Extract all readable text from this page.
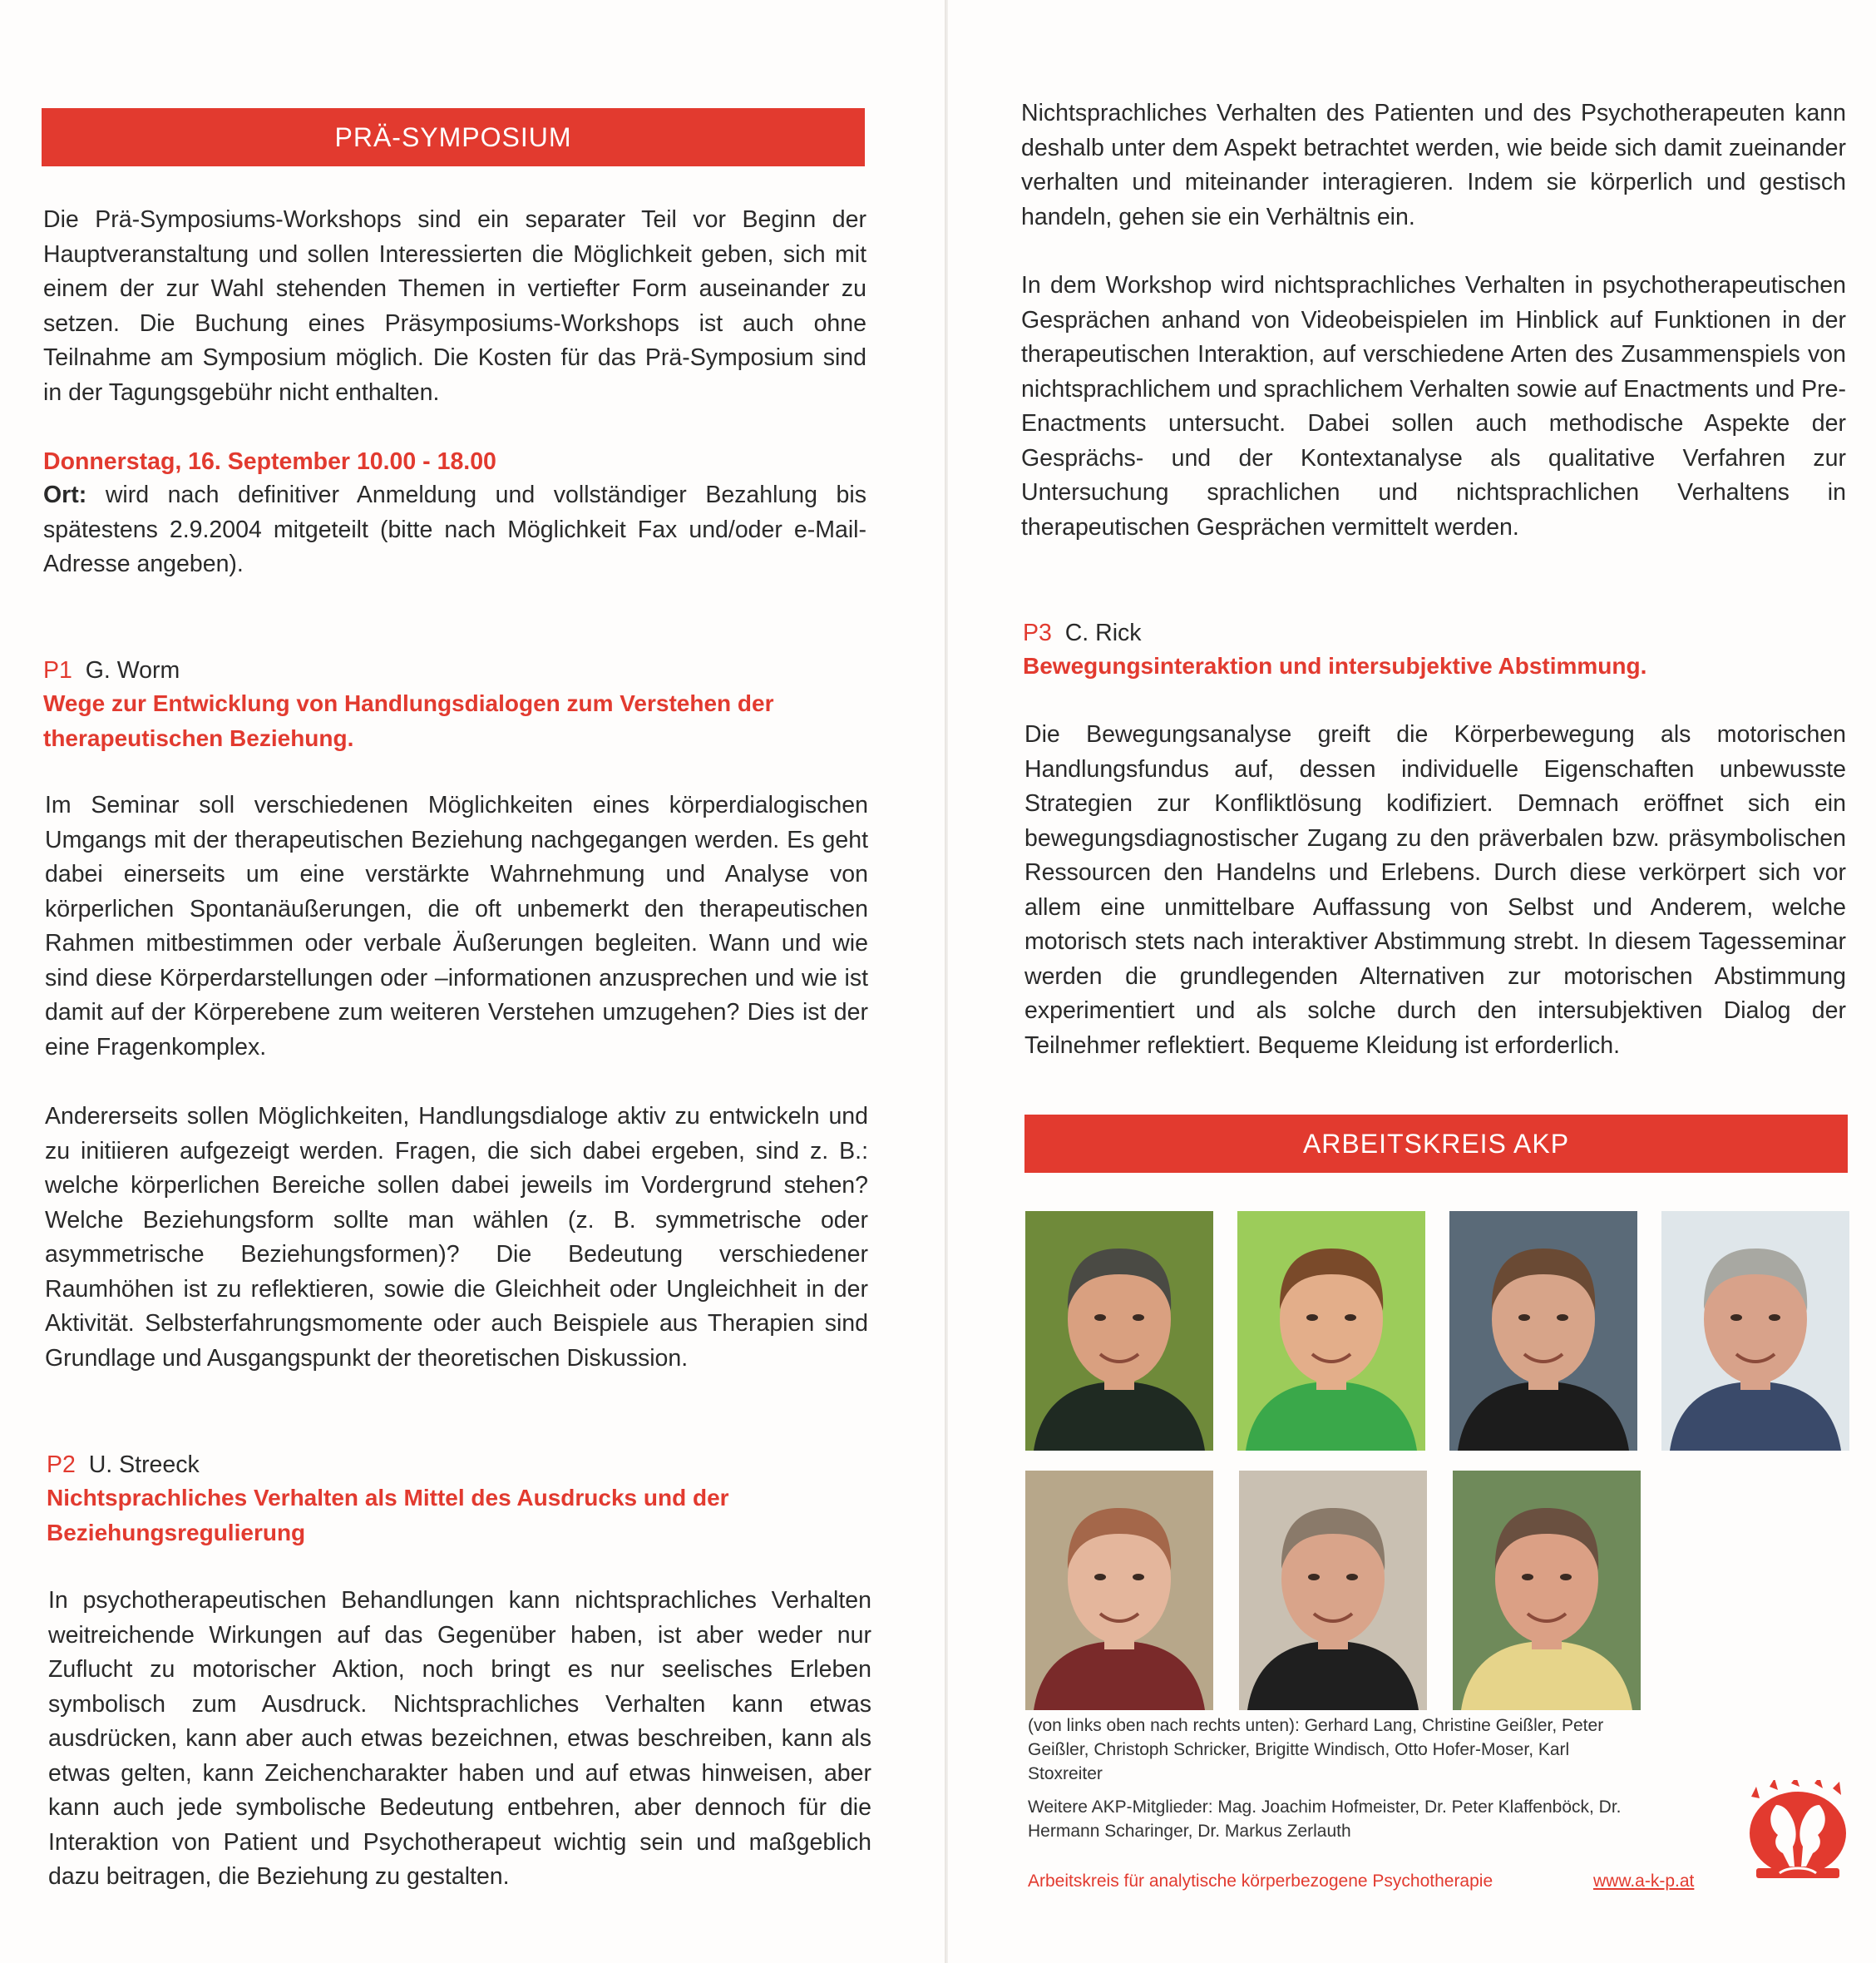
PRÄ-SYMPOSIUM

Die Prä-Symposiums-Workshops sind ein separater Teil vor Beginn der Hauptveranstaltung und sollen Interessierten die Möglichkeit geben, sich mit einem der zur Wahl stehenden Themen in vertiefter Form auseinander zu setzen. Die Buchung eines Präsymposiums-Workshops ist auch ohne Teilnahme am Symposium möglich. Die Kosten für das Prä-Symposium sind in der Tagungsgebühr nicht enthalten.

Donnerstag, 16. September 10.00 - 18.00

Ort: wird nach definitiver Anmeldung und vollständiger Bezahlung bis spätestens 2.9.2004 mitgeteilt (bitte nach Möglichkeit Fax und/oder e-Mail-Adresse angeben).

P1 G. Worm

Wege zur Entwicklung von Handlungsdialogen zum Verstehen der therapeutischen Beziehung.

Im Seminar soll verschiedenen Möglichkeiten eines körperdialogischen Umgangs mit der therapeutischen Beziehung nachgegangen werden. Es geht dabei einerseits um eine verstärkte Wahrnehmung und Analyse von körperlichen Spontanäußerungen, die oft unbemerkt den therapeutischen Rahmen mitbestimmen oder verbale Äußerungen begleiten. Wann und wie sind diese Körperdarstellungen oder –informationen anzusprechen und wie ist damit auf der Körperebene zum weiteren Verstehen umzugehen? Dies ist der eine Fragenkomplex.

Andererseits sollen Möglichkeiten, Handlungsdialoge aktiv zu entwickeln und zu initiieren aufgezeigt werden. Fragen, die sich dabei ergeben, sind z. B.: welche körperlichen Bereiche sollen dabei jeweils im Vordergrund stehen? Welche Beziehungsform sollte man wählen (z. B. symmetrische oder asymmetrische Beziehungsformen)? Die Bedeutung verschiedener Raumhöhen ist zu reflektieren, sowie die Gleichheit oder Ungleichheit in der Aktivität. Selbsterfahrungsmomente oder auch Beispiele aus Therapien sind Grundlage und Ausgangspunkt der theoretischen Diskussion.

P2 U. Streeck

Nichtsprachliches Verhalten als Mittel des Ausdrucks und der Beziehungsregulierung

In psychotherapeutischen Behandlungen kann nichtsprachliches Verhalten weitreichende Wirkungen auf das Gegenüber haben, ist aber weder nur Zuflucht zu motorischer Aktion, noch bringt es nur seelisches Erleben symbolisch zum Ausdruck. Nichtsprachliches Verhalten kann etwas ausdrücken, kann aber auch etwas bezeichnen, etwas beschreiben, kann als etwas gelten, kann Zeichencharakter haben und auf etwas hinweisen, aber kann auch jede symbolische Bedeutung entbehren, aber dennoch für die Interaktion von Patient und Psychotherapeut wichtig sein und maßgeblich dazu beitragen, die Beziehung zu gestalten.

Nichtsprachliches Verhalten des Patienten und des Psychotherapeuten kann deshalb unter dem Aspekt betrachtet werden, wie beide sich damit zueinander verhalten und miteinander interagieren. Indem sie körperlich und gestisch handeln, gehen sie ein Verhältnis ein.

In dem Workshop wird nichtsprachliches Verhalten in psychotherapeutischen Gesprächen anhand von Videobeispielen im Hinblick auf Funktionen in der therapeutischen Interaktion, auf verschiedene Arten des Zusammenspiels von nichtsprachlichem und sprachlichem Verhalten sowie auf Enactments und Pre-Enactments untersucht. Dabei sollen auch methodische Aspekte der Gesprächs- und der Kontextanalyse als qualitative Verfahren zur Untersuchung sprachlichen und nichtsprachlichen Verhaltens in therapeutischen Gesprächen vermittelt werden.

P3 C. Rick

Bewegungsinteraktion und intersubjektive Abstimmung.

Die Bewegungsanalyse greift die Körperbewegung als motorischen Handlungsfundus auf, dessen individuelle Eigenschaften unbewusste Strategien zur Konfliktlösung kodifiziert. Demnach eröffnet sich ein bewegungsdiagnostischer Zugang zu den präverbalen bzw. präsymbolischen Ressourcen den Handelns und Erlebens. Durch diese verkörpert sich vor allem eine unmittelbare Auffassung von Selbst und Anderem, welche motorisch stets nach interaktiver Abstimmung strebt. In diesem Tagesseminar werden die grundlegenden Alternativen zur motorischen Abstimmung experimentiert und als solche durch den intersubjektiven Dialog der Teilnehmer reflektiert. Bequeme Kleidung ist erforderlich.

ARBEITSKREIS AKP

(von links oben nach rechts unten): Gerhard Lang, Christine Geißler, Peter Geißler, Christoph Schricker, Brigitte Windisch, Otto Hofer-Moser, Karl Stoxreiter

Weitere AKP-Mitglieder: Mag. Joachim Hofmeister, Dr. Peter Klaffenböck, Dr. Hermann Scharinger, Dr. Markus Zerlauth

Arbeitskreis für analytische körperbezogene Psychotherapie	www.a-k-p.at
